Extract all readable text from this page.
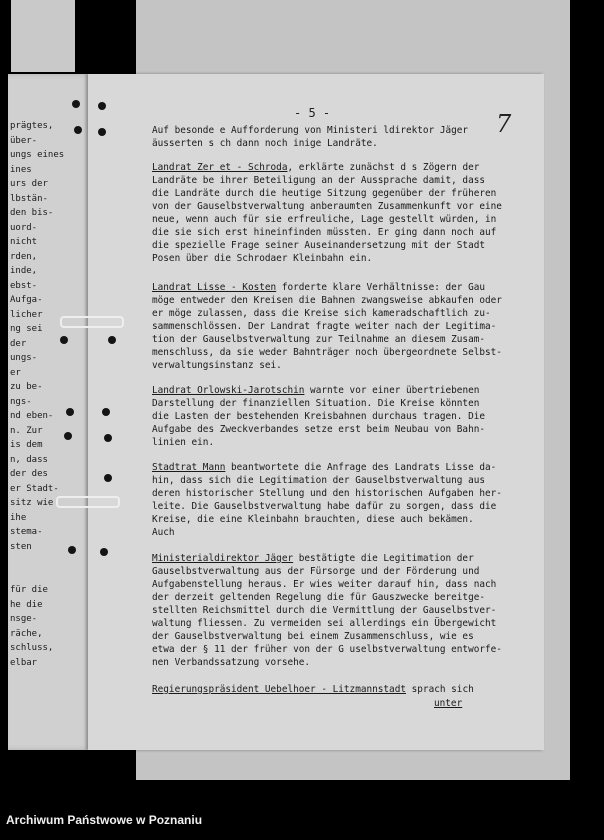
prägtes,
über-
ungs eines
ines
urs der
lbstän-
den bis-
uord-
nicht
rden,
inde,
ebst-
Aufga-
licher
ng sei
der
ungs-
er
zu be-
ngs-
nd eben-
n. Zur
is dem
n, dass
der des
er Stadt-
sitz wie
ihe
stema-
sten
für die
he die
nsge-
räche,
schluss,
elbar
- 5 -	7
Auf besonde e Aufforderung von Ministeri ldirektor Jäger
äusserten s ch dann noch inige Landräte.
Landrat Zer et - Schroda, erklärte zunächst d s Zögern der
Landräte be ihrer Beteiligung an der Aussprache damit, dass
die Landräte durch die heutige Sitzung gegenüber der früheren
von der Gauselbstverwaltung anberaumten Zusammenkunft vor eine
neue, wenn auch für sie erfreuliche, Lage gestellt würden, in
die sie sich erst hineinfinden müssten. Er ging dann noch auf
die spezielle Frage seiner Auseinandersetzung mit der Stadt
Posen über die Schrodaer Kleinbahn ein.
Landrat Lisse - Kosten forderte klare Verhältnisse: der Gau
möge entweder den Kreisen die Bahnen zwangsweise abkaufen oder
er möge zulassen, dass die Kreise sich kameradschaftlich zu-
sammenschlössen. Der Landrat fragte weiter nach der Legitima-
tion der Gauselbstverwaltung zur Teilnahme an diesem Zusam-
menschluss, da sie weder Bahnträger noch übergeordnete Selbst-
verwaltungsinstanz sei.
Landrat Orlowski-Jarotschin warnte vor einer übertriebenen
Darstellung der finanziellen Situation. Die Kreise könnten
die Lasten der bestehenden Kreisbahnen durchaus tragen. Die
Aufgabe des Zweckverbandes setze erst beim Neubau von Bahn-
linien ein.
Stadtrat Mann beantwortete die Anfrage des Landrats Lisse da-
hin, dass sich die Legitimation der Gauselbstverwaltung aus
deren historischer Stellung und den historischen Aufgaben her-
leite. Die Gauselbstverwaltung habe dafür zu sorgen, dass die
Kreise, die eine Kleinbahn brauchten, diese auch bekämen.
Auch
Ministerialdirektor Jäger bestätigte die Legitimation der
Gauselbstverwaltung aus der Fürsorge und der Förderung und
Aufgabenstellung heraus. Er wies weiter darauf hin, dass nach
der derzeit geltenden Regelung die für Gauszwecke bereitge-
stellten Reichsmittel durch die Vermittlung der Gauselbstver-
waltung fliessen. Zu vermeiden sei allerdings ein Übergewicht
der Gauselbstverwaltung bei einem Zusammenschluss, wie es
etwa der § 11 der früher von der G uselbstverwaltung entworfe-
nen Verbandssatzung vorsehe.
Regierungspräsident Uebelhoer - Litzmannstadt sprach sich
unter
Archiwum Państwowe w Poznaniu
